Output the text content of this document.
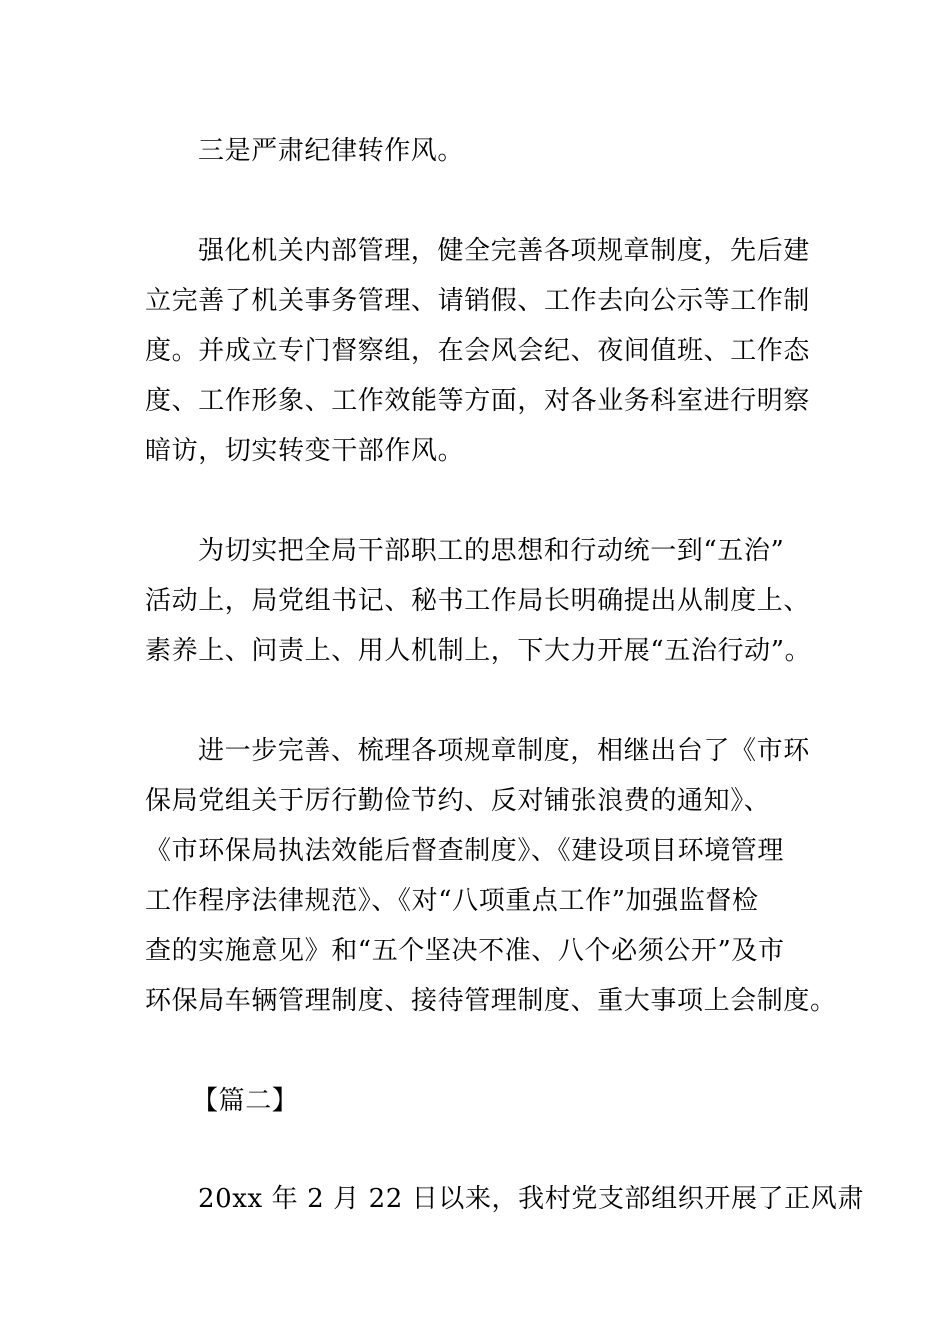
三是严肃纪律转作风。
强化机关内部管理，健全完善各项规章制度，先后建
立完善了机关事务管理、请销假、工作去向公示等工作制
度。并成立专门督察组，在会风会纪、夜间值班、工作态
度、工作形象、工作效能等方面，对各业务科室进行明察
暗访，切实转变干部作风。
为切实把全局干部职工的思想和行动统一到“五治”
活动上，局党组书记、秘书工作局长明确提出从制度上、
素养上、问责上、用人机制上，下大力开展“五治行动”。
进一步完善、梳理各项规章制度，相继出台了《市环
保局党组关于厉行勤俭节约、反对铺张浪费的通知》、
《市环保局执法效能后督查制度》、《建设项目环境管理
工作程序法律规范》、《对“八项重点工作”加强监督检
查的实施意见》和“五个坚决不准、八个必须公开”及市
环保局车辆管理制度、接待管理制度、重大事项上会制度。
【篇二】
20xx 年 2 月 22 日以来，我村党支部组织开展了正风肃
